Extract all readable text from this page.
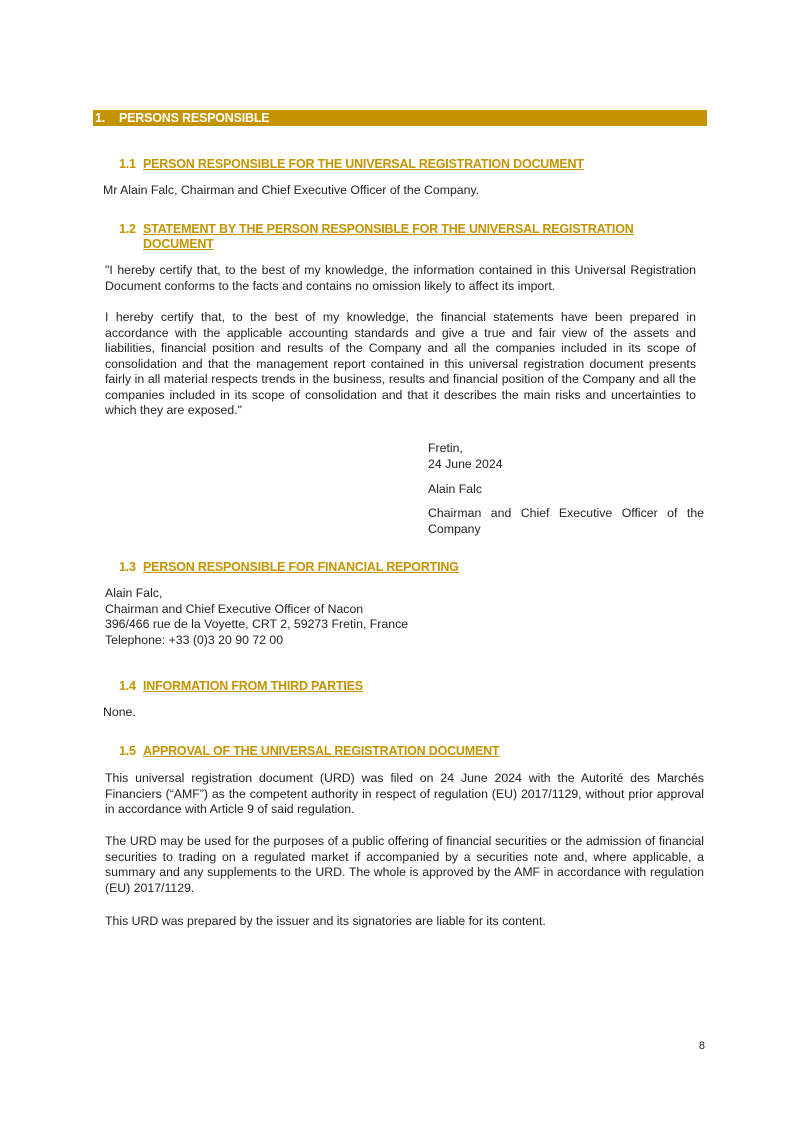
1. PERSONS RESPONSIBLE
1.1 PERSON RESPONSIBLE FOR THE UNIVERSAL REGISTRATION DOCUMENT
Mr Alain Falc, Chairman and Chief Executive Officer of the Company.
1.2 STATEMENT BY THE PERSON RESPONSIBLE FOR THE UNIVERSAL REGISTRATION DOCUMENT
"I hereby certify that, to the best of my knowledge, the information contained in this Universal Registration Document conforms to the facts and contains no omission likely to affect its import.
I hereby certify that, to the best of my knowledge, the financial statements have been prepared in accordance with the applicable accounting standards and give a true and fair view of the assets and liabilities, financial position and results of the Company and all the companies included in its scope of consolidation and that the management report contained in this universal registration document presents fairly in all material respects trends in the business, results and financial position of the Company and all the companies included in its scope of consolidation and that it describes the main risks and uncertainties to which they are exposed."
Fretin,
24 June 2024
Alain Falc
Chairman and Chief Executive Officer of the Company
1.3 PERSON RESPONSIBLE FOR FINANCIAL REPORTING
Alain Falc,
Chairman and Chief Executive Officer of Nacon
396/466 rue de la Voyette, CRT 2, 59273 Fretin, France
Telephone: +33 (0)3 20 90 72 00
1.4 INFORMATION FROM THIRD PARTIES
None.
1.5 APPROVAL OF THE UNIVERSAL REGISTRATION DOCUMENT
This universal registration document (URD) was filed on 24 June 2024 with the Autorité des Marchés Financiers (“AMF”) as the competent authority in respect of regulation (EU) 2017/1129, without prior approval in accordance with Article 9 of said regulation.
The URD may be used for the purposes of a public offering of financial securities or the admission of financial securities to trading on a regulated market if accompanied by a securities note and, where applicable, a summary and any supplements to the URD. The whole is approved by the AMF in accordance with regulation (EU) 2017/1129.
This URD was prepared by the issuer and its signatories are liable for its content.
8
